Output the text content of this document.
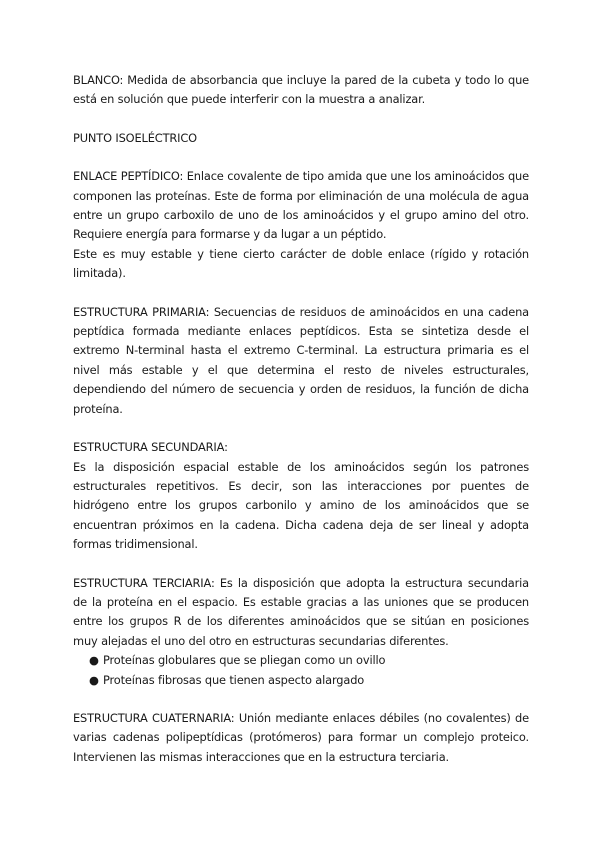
BLANCO: Medida de absorbancia que incluye la pared de la cubeta y todo lo que está en solución que puede interferir con la muestra a analizar.

PUNTO ISOELÉCTRICO

ENLACE PEPTÍDICO: Enlace covalente de tipo amida que une los aminoácidos que componen las proteínas. Este de forma por eliminación de una molécula de agua entre un grupo carboxilo de uno de los aminoácidos y el grupo amino del otro. Requiere energía para formarse y da lugar a un péptido.

Este es muy estable y tiene cierto carácter de doble enlace (rígido y rotación limitada).

ESTRUCTURA PRIMARIA: Secuencias de residuos de aminoácidos en una cadena peptídica formada mediante enlaces peptídicos. Esta se sintetiza desde el extremo N-terminal hasta el extremo C-terminal. La estructura primaria es el nivel más estable y el que determina el resto de niveles estructurales, dependiendo del número de secuencia y orden de residuos, la función de dicha proteína.

ESTRUCTURA SECUNDARIA:

Es la disposición espacial estable de los aminoácidos según los patrones estructurales repetitivos. Es decir, son las interacciones por puentes de hidrógeno entre los grupos carbonilo y amino de los aminoácidos que se encuentran próximos en la cadena. Dicha cadena deja de ser lineal y adopta formas tridimensional.

ESTRUCTURA TERCIARIA: Es la disposición que adopta la estructura secundaria de la proteína en el espacio. Es estable gracias a las uniones que se producen entre los grupos R de los diferentes aminoácidos que se sitúan en posiciones muy alejadas el uno del otro en estructuras secundarias diferentes.

● Proteínas globulares que se pliegan como un ovillo
● Proteínas fibrosas que tienen aspecto alargado

ESTRUCTURA CUATERNARIA: Unión mediante enlaces débiles (no covalentes) de varias cadenas polipeptídicas (protómeros) para formar un complejo proteico. Intervienen las mismas interacciones que en la estructura terciaria.
